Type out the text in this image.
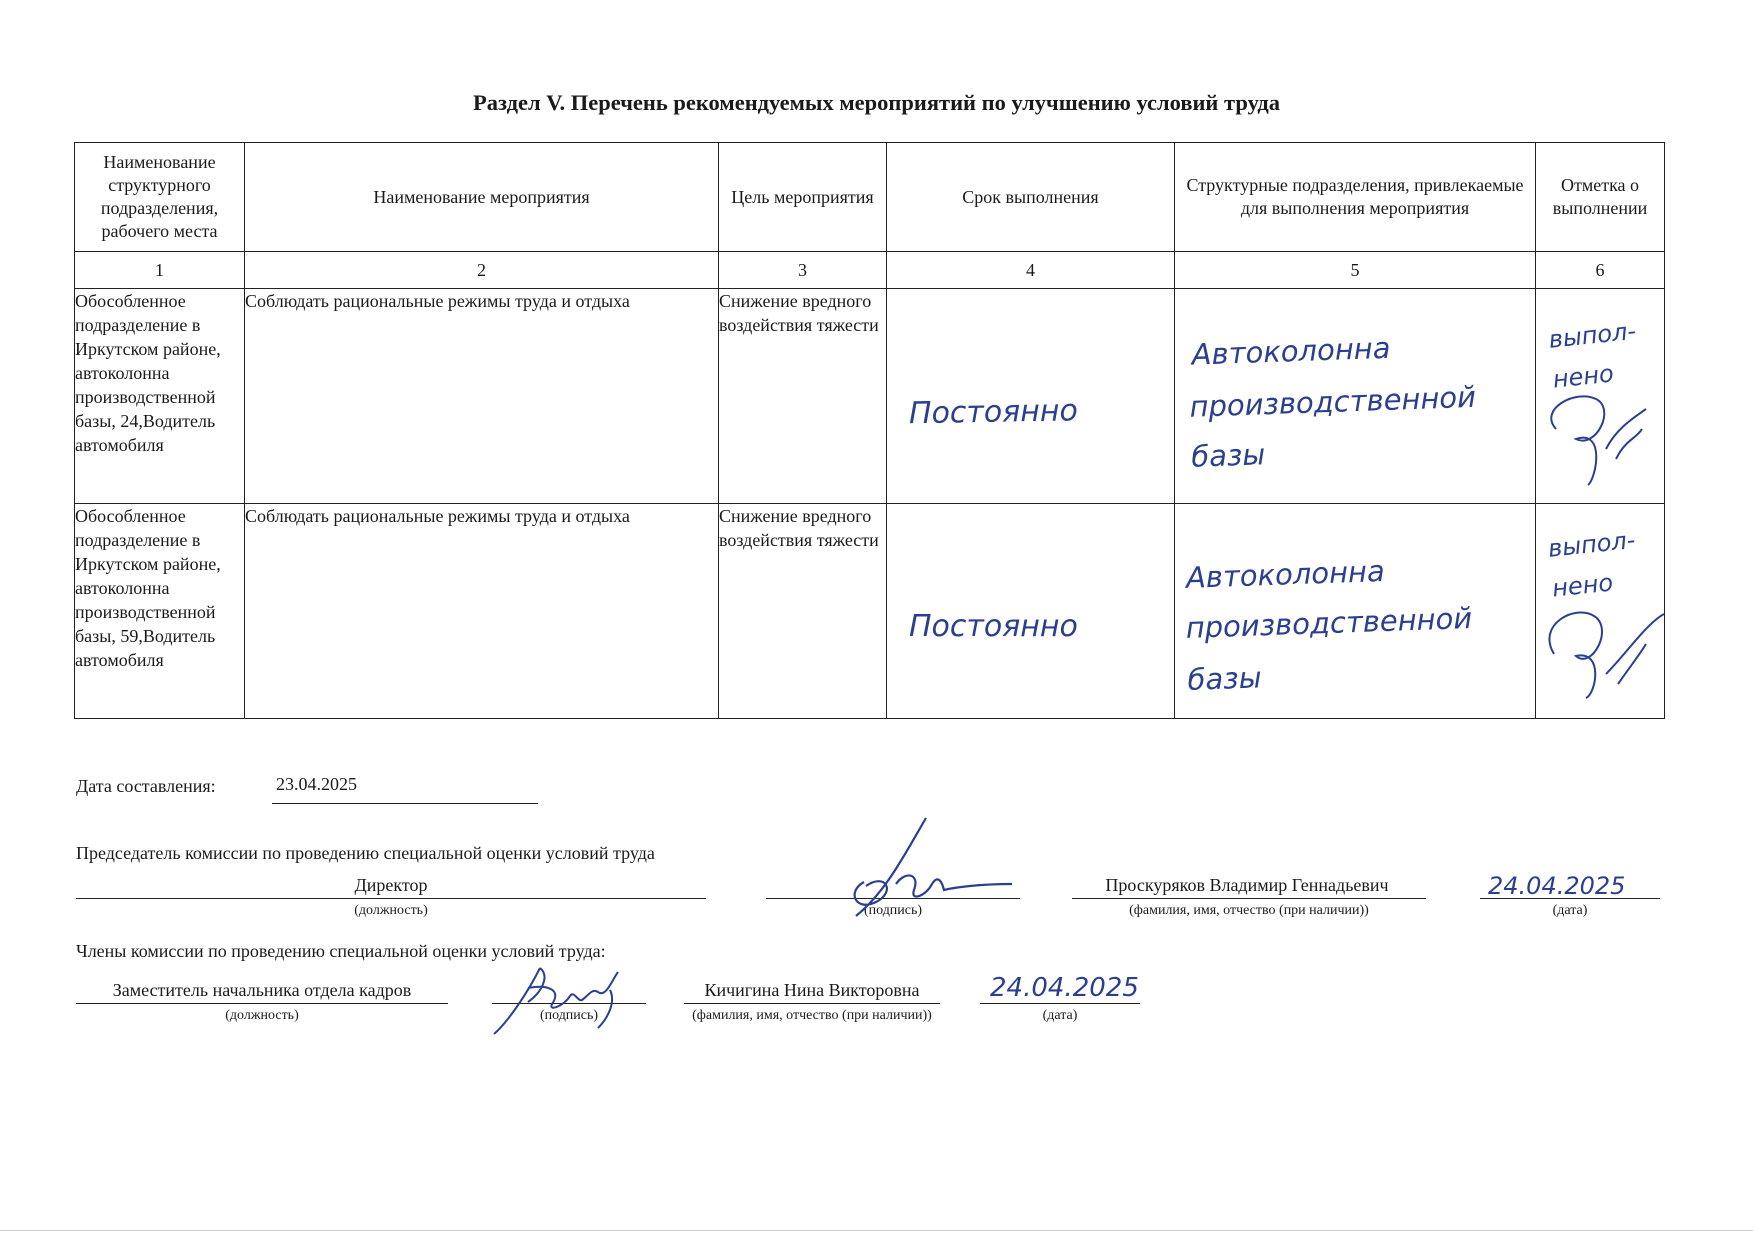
Раздел V. Перечень рекомендуемых мероприятий по улучшению условий труда
Наименование структурного подразделения, рабочего места	Наименование мероприятия	Цель мероприятия	Срок выполнения	Структурные подразделения, привлекаемые для выполнения мероприятия	Отметка о выполнении
1	2	3	4	5	6
Обособленное подразделение в Иркутском районе, автоколонна производственной базы, 24,Водитель автомобиля	Соблюдать рациональные режимы труда и отдыха	Снижение вредного воздействия тяжести	Постоянно	Автоколонна производственной базы	выпол- нено

Обособленное подразделение в Иркутском районе, автоколонна производственной базы, 59,Водитель автомобиля	Соблюдать рациональные режимы труда и отдыха	Снижение вредного воздействия тяжести	Постоянно	Автоколонна производственной базы	выпол- нено
Дата составления:	23.04.2025
Председатель комиссии по проведению специальной оценки условий труда
Директор
(должность)	(подпись)
Проскуряков Владимир Геннадьевич
(фамилия, имя, отчество (при наличии))
24.04.2025
(дата)
Члены комиссии по проведению специальной оценки условий труда:
Заместитель начальника отдела кадров
(должность)	(подпись)
Кичигина Нина Викторовна
(фамилия, имя, отчество (при наличии))
24.04.2025
(дата)
